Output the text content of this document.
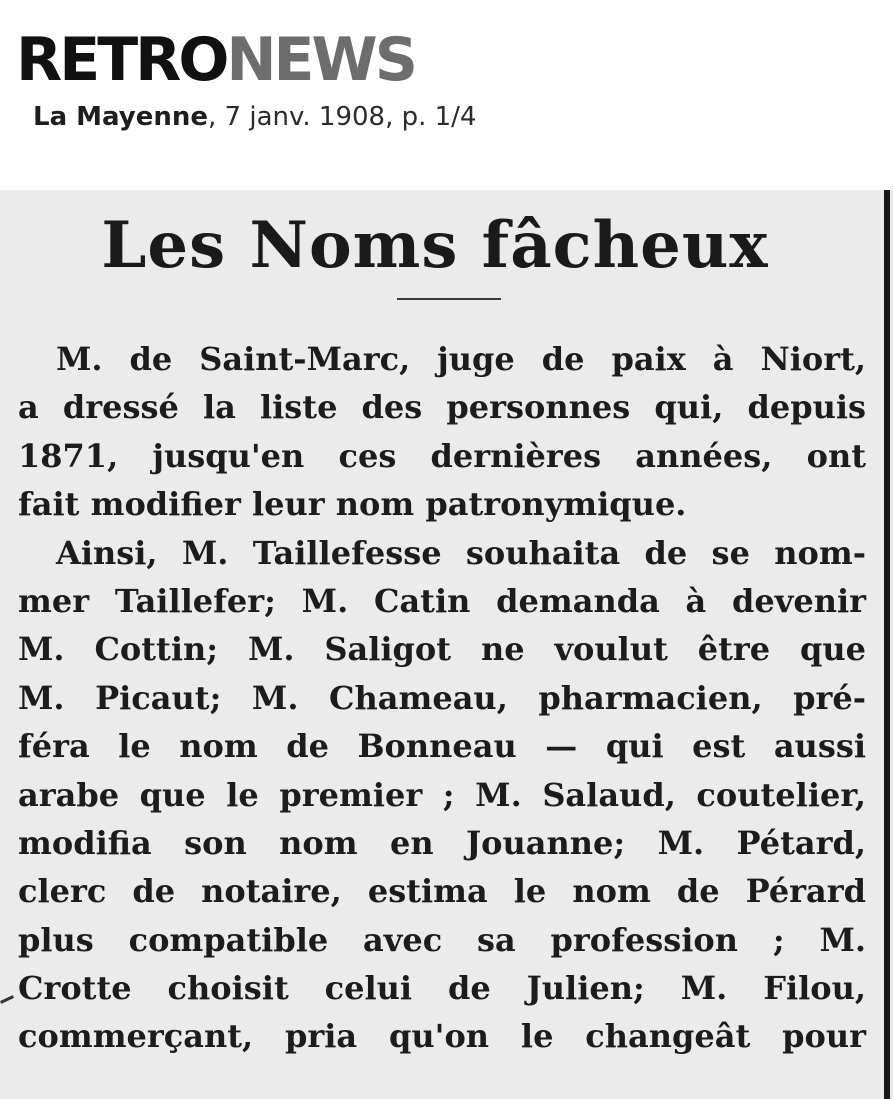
RETRONEWS
La Mayenne, 7 janv. 1908, p. 1/4

Les Noms fâcheux
M. de Saint-Marc, juge de paix à Niort,
a dressé la liste des personnes qui, depuis
1871, jusqu'en ces dernières années, ont
fait modifier leur nom patronymique.
Ainsi, M. Taillefesse souhaita de se nom-
mer Taillefer; M. Catin demanda à devenir
M. Cottin; M. Saligot ne voulut être que
M. Picaut; M. Chameau, pharmacien, pré-
féra le nom de Bonneau — qui est aussi
arabe que le premier ; M. Salaud, coutelier,
modifia son nom en Jouanne; M. Pétard,
clerc de notaire, estima le nom de Pérard
plus compatible avec sa profession ; M.
Crotte choisit celui de Julien; M. Filou,
commerçant, pria qu'on le changeât pour
